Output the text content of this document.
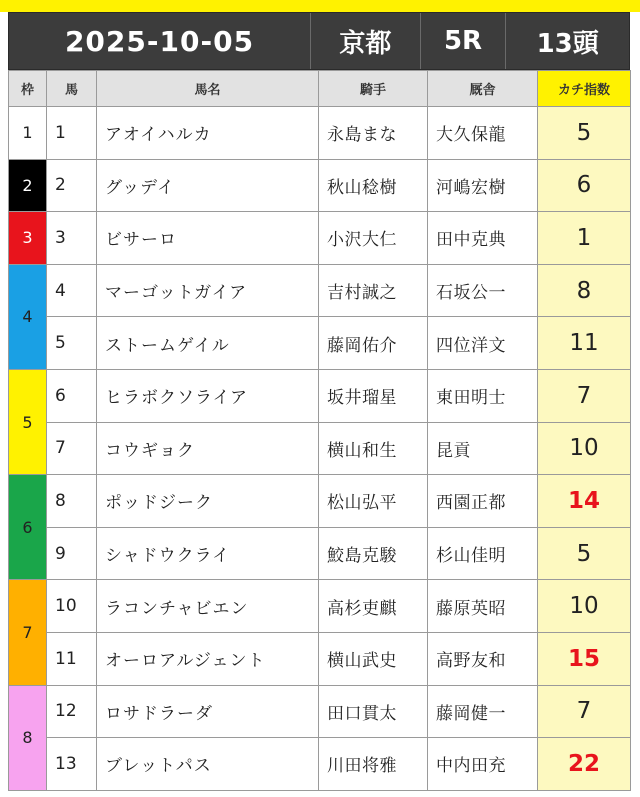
2025-10-05	京都	5R	13頭
枠	馬	馬名	騎手	厩舎	カチ指数
1	1	アオイハルカ	永島まな	大久保龍	5
2	2	グッデイ	秋山稔樹	河嶋宏樹	6
3	3	ビサーロ	小沢大仁	田中克典	1
4	4	マーゴットガイア	吉村誠之	石坂公一	8
	5	ストームゲイル	藤岡佑介	四位洋文	11
5	6	ヒラボクソライア	坂井瑠星	東田明士	7
	7	コウギョク	横山和生	昆貢	10
6	8	ポッドジーク	松山弘平	西園正都	14
	9	シャドウクライ	鮫島克駿	杉山佳明	5
7	10	ラコンチャビエン	高杉吏麒	藤原英昭	10
	11	オーロアルジェント	横山武史	高野友和	15
8	12	ロサドラーダ	田口貫太	藤岡健一	7
	13	ブレットパス	川田将雅	中内田充	22
